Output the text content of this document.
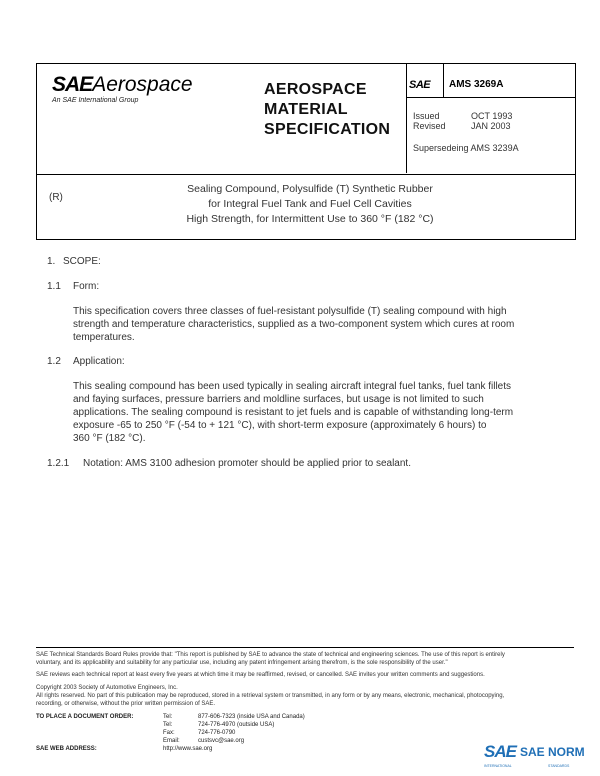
SAEAerospace
An SAE International Group
AEROSPACE
MATERIAL
SPECIFICATION
SAE AMS 3269A
Issued	OCT 1993
Revised	JAN 2003
Supersede​ing AMS 3239A
(R)
Sealing Compound, Polysulfide (T) Synthetic Rubber
for Integral Fuel Tank and Fuel Cell Cavities
High Strength, for Intermittent Use to 360 °F (182 °C)
1. SCOPE:
1.1 Form:
This specification covers three classes of fuel-resistant polysulfide (T) sealing compound with high
strength and temperature characteristics, supplied as a two-component system which cures at room
temperatures.
1.2 Application:
This sealing compound has been used typically in sealing aircraft integral fuel tanks, fuel tank fillets
and faying surfaces, pressure barriers and moldline surfaces, but usage is not limited to such
applications. The sealing compound is resistant to jet fuels and is capable of withstanding long-term
exposure -65 to 250 °F (-54 to + 121 °C), with short-term exposure (approximately 6 hours) to
360 °F (182 °C).
1.2.1 Notation: AMS 3100 adhesion promoter should be applied prior to sealant.
SAE Technical Standards Board Rules provide that: "This report is published by SAE to advance the state of technical and engineering sciences. The use of this report is entirely
voluntary, and its applicability and suitability for any particular use, including any patent infringement arising therefrom, is the sole responsibility of the user."
SAE reviews each technical report at least every five years at which time it may be reaffirmed, revised, or cancelled. SAE invites your written comments and suggestions.
Copyright 2003 Society of Automotive Engineers, Inc.
All rights reserved. No part of this publication may be reproduced, stored in a retrieval system or transmitted, in any form or by any means, electronic, mechanical, photocopying,
recording, or otherwise, without the prior written permission of SAE.
TO PLACE A DOCUMENT ORDER:	Tel:	877-606-7323 (inside USA and Canada)
Tel:	724-776-4970 (outside USA)
Fax:	724-776-0790
Email:	custsvc@sae.org
SAE WEB ADDRESS:	http://www.sae.org	SAE SAE NORM
INTERNATIONAL	STANDARDS
